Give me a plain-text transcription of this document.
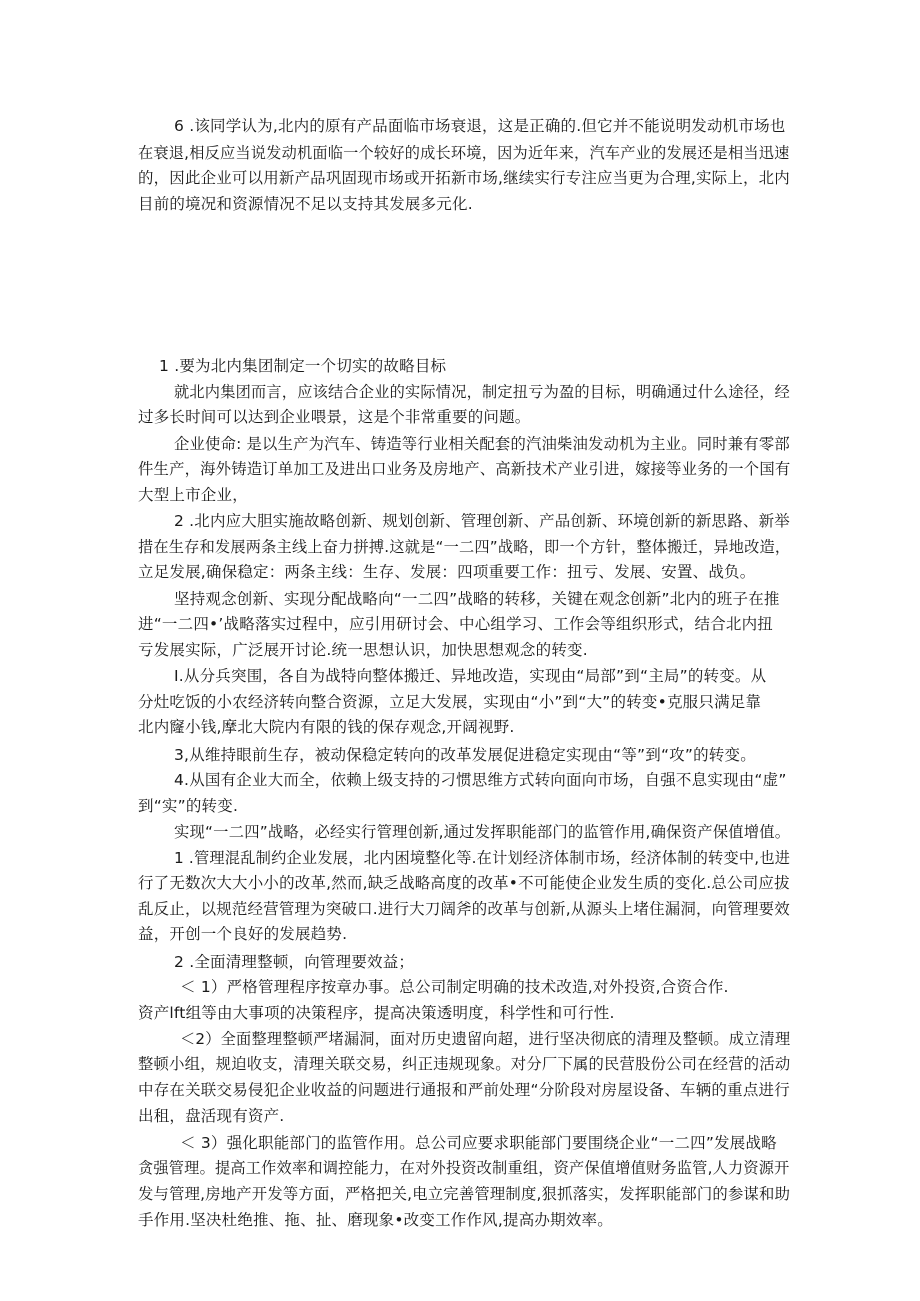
6 .该同学认为,北内的原有产品面临市场衰退，这是正确的.但它并不能说明发动机市场也
在衰退,相反应当说发动机面临一个较好的成长环境，因为近年来，汽车产业的发展还是相当迅速
的，因此企业可以用新产品巩固现市场或开拓新市场,继续实行专注应当更为合理,实际上，北内
目前的境况和资源情况不足以支持其发展多元化.
1 .要为北内集团制定一个切实的故略目标
就北内集团而言，应该结合企业的实际情况，制定扭亏为盈的目标，明确通过什么途径，经
过多长时间可以达到企业喂景，这是个非常重要的问题。
企业使命: 是以生产为汽车、铸造等行业相关配套的汽油柴油发动机为主业。同时兼有零部
件生产，海外铸造订单加工及进出口业务及房地产、高新技术产业引进，嫁接等业务的一个国有
大型上市企业，
2 .北内应大胆实施故略创新、规划创新、管理创新、产品创新、环境创新的新思路、新举
措在生存和发展两条主线上奋力拼搏.这就是“一二四”战略，即一个方针，整体搬迁，异地改造，
立足发展,确保稳定：两条主线：生存、发展：四项重要工作：扭亏、发展、安置、战负。
坚持观念创新、实现分配战略向“一二四”战略的转移，关键在观念创新”北内的班子在推
进“一二四•’战略落实过程中，应引用研讨会、中心组学习、工作会等组织形式，结合北内扭
亏发展实际，广泛展开讨论.统一思想认识，加快思想观念的转变.
I.从分兵突围，各自为战特向整体搬迁、异地改造，实现由“局部”到“主局”的转变。从
分灶吃饭的小农经济转向整合资源，立足大发展，实现由“小”到“大”的转变•克服只满足靠
北内窿小钱,摩北大院内有限的钱的保存观念,开阔视野.
3,从维持眼前生存，被动保稳定转向的改革发展促进稳定实现由“等”到“攻”的转变。
4.从国有企业大而全，依赖上级支持的刁惯思维方式转向面向市场，自强不息实现由“虚”
到“实”的转变.
实现“一二四”战略，必经实行管理创新,通过发挥职能部门的监管作用,确保资产保值增值。
1 .管理混乱制约企业发展，北内困境整化等.在计划经济体制市场，经济体制的转变中,也进
行了无数次大大小小的改革,然而,缺乏战略高度的改革•不可能使企业发生质的变化.总公司应拔
乱反止，以规范经营管理为突破口.进行大刀阔斧的改革与创新,从源头上堵住漏洞，向管理要效
益，开创一个良好的发展趋势.
2 .全面清理整顿，向管理要效益；
＜ 1）严格管理程序按章办事。总公司制定明确的技术改造,对外投资,合资合作.
资产lft组等由大事项的决策程序，提高决策透明度，科学性和可行性.
＜2）全面整理整顿严堵漏洞，面对历史遗留向超，进行坚决彻底的清理及整顿。成立清理
整顿小组，规迫收支，清理关联交易，纠正违规现象。对分厂下属的民营股份公司在经营的活动
中存在关联交易侵犯企业收益的问题进行通报和严前处理“分阶段对房屋设备、车辆的重点进行
出租，盘活现有资产.
＜ 3）强化职能部门的监管作用。总公司应要求职能部门要围绕企业“一二四”发展战略
贪强管理。提高工作效率和调控能力，在对外投资改制重组，资产保值增值财务监管,人力资源开
发与管理,房地产开发等方面，严格把关,电立完善管理制度,狠抓落实，发挥职能部门的参谋和助
手作用.坚决杜绝推、拖、扯、磨现象•改变工作作风,提高办期效率。
